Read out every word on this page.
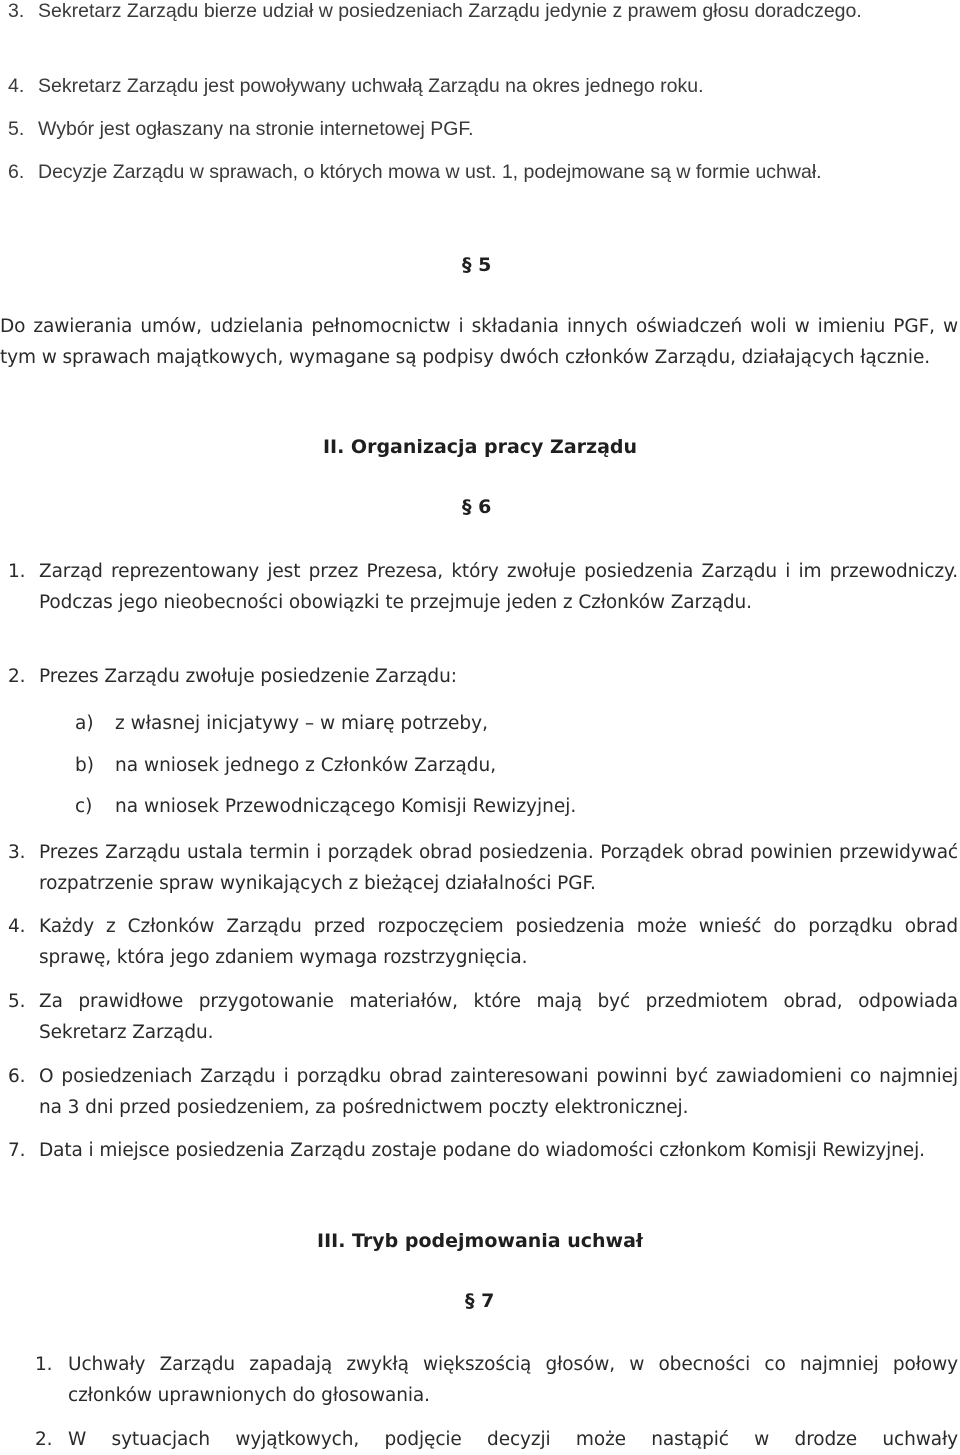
3. Sekretarz Zarządu bierze udział w posiedzeniach Zarządu jedynie z prawem głosu doradczego.
4. Sekretarz Zarządu jest powoływany uchwałą Zarządu na okres jednego roku.
5. Wybór jest ogłaszany na stronie internetowej PGF.
6. Decyzje Zarządu w sprawach, o których mowa w ust. 1, podejmowane są w formie uchwał.
§ 5

Do zawierania umów, udzielania pełnomocnictw i składania innych oświadczeń woli w imieniu PGF, w tym w sprawach majątkowych, wymagane są podpisy dwóch członków Zarządu, działających łącznie.

II. Organizacja pracy Zarządu
§ 6
1. Zarząd reprezentowany jest przez Prezesa, który zwołuje posiedzenia Zarządu i im przewodniczy. Podczas jego nieobecności obowiązki te przejmuje jeden z Członków Zarządu.
2. Prezes Zarządu zwołuje posiedzenie Zarządu:
a) z własnej inicjatywy – w miarę potrzeby,
b) na wniosek jednego z Członków Zarządu,
c) na wniosek Przewodniczącego Komisji Rewizyjnej.
3. Prezes Zarządu ustala termin i porządek obrad posiedzenia. Porządek obrad powinien przewidywać rozpatrzenie spraw wynikających z bieżącej działalności PGF.
4. Każdy z Członków Zarządu przed rozpoczęciem posiedzenia może wnieść do porządku obrad sprawę, która jego zdaniem wymaga rozstrzygnięcia.
5. Za prawidłowe przygotowanie materiałów, które mają być przedmiotem obrad, odpowiada Sekretarz Zarządu.
6. O posiedzeniach Zarządu i porządku obrad zainteresowani powinni być zawiadomieni co najmniej na 3 dni przed posiedzeniem, za pośrednictwem poczty elektronicznej.
7. Data i miejsce posiedzenia Zarządu zostaje podane do wiadomości członkom Komisji Rewizyjnej.
III. Tryb podejmowania uchwał
§ 7
1. Uchwały Zarządu zapadają zwykłą większością głosów, w obecności co najmniej połowy członków uprawnionych do głosowania.
2. W sytuacjach wyjątkowych, podjęcie decyzji może nastąpić w drodze uchwały
